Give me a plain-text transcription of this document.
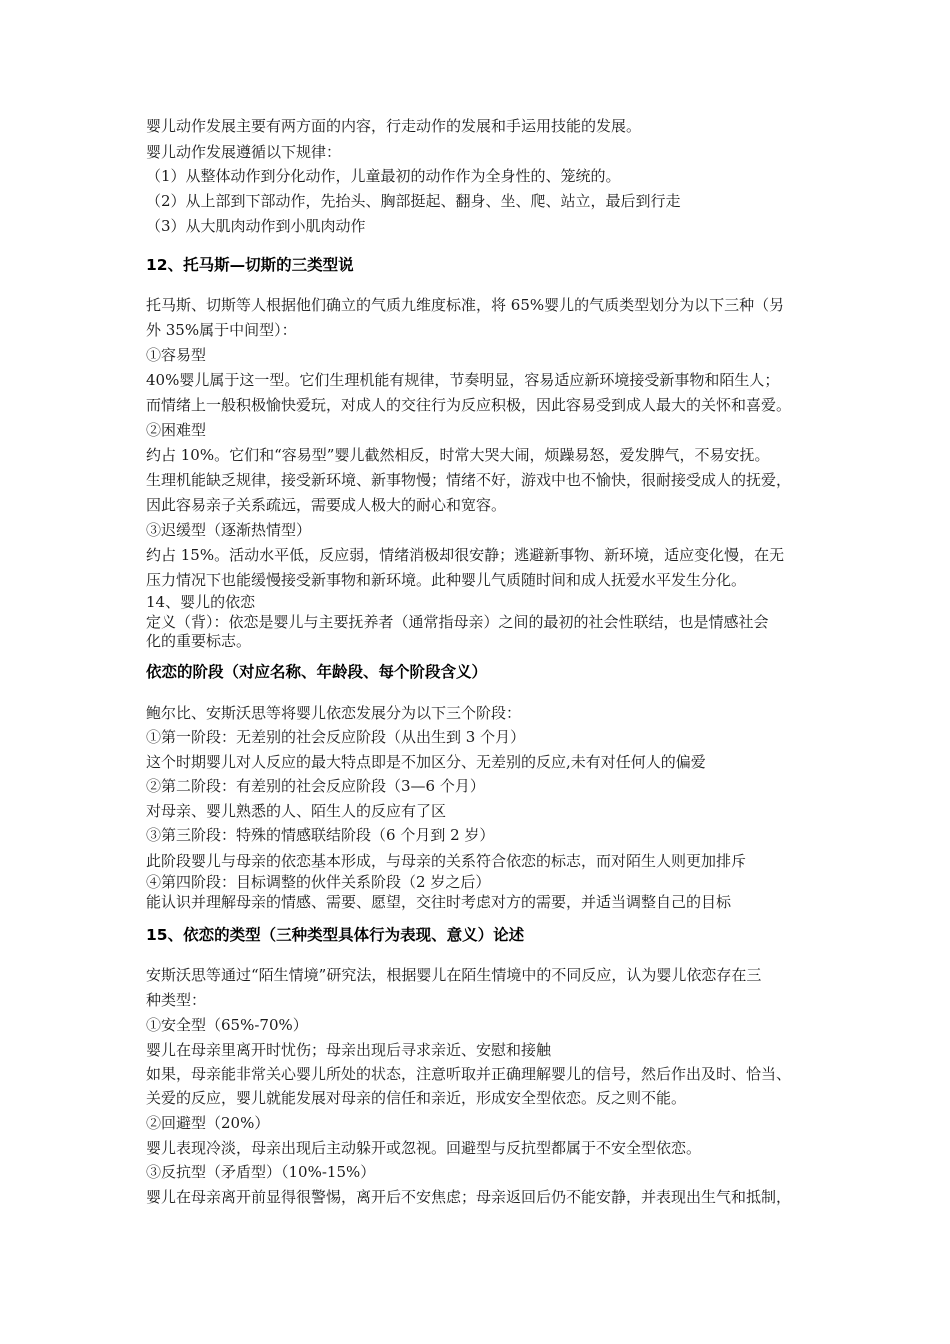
婴儿动作发展主要有两方面的内容，行走动作的发展和手运用技能的发展。
婴儿动作发展遵循以下规律：
（1）从整体动作到分化动作，儿童最初的动作作为全身性的、笼统的。
（2）从上部到下部动作，先抬头、胸部挺起、翻身、坐、爬、站立，最后到行走
（3）从大肌肉动作到小肌肉动作
12、托马斯—切斯的三类型说
托马斯、切斯等人根据他们确立的气质九维度标准，将 65%婴儿的气质类型划分为以下三种（另
外 35%属于中间型）：
①容易型
40%婴儿属于这一型。它们生理机能有规律，节奏明显，容易适应新环境接受新事物和陌生人；
而情绪上一般积极愉快爱玩，对成人的交往行为反应积极，因此容易受到成人最大的关怀和喜爱。
②困难型
约占 10%。它们和“容易型”婴儿截然相反，时常大哭大闹，烦躁易怒，爱发脾气，不易安抚。
生理机能缺乏规律，接受新环境、新事物慢；情绪不好，游戏中也不愉快，很耐接受成人的抚爱，
因此容易亲子关系疏远，需要成人极大的耐心和宽容。
③迟缓型（逐渐热情型）
约占 15%。活动水平低，反应弱，情绪消极却很安静；逃避新事物、新环境，适应变化慢，在无
压力情况下也能缓慢接受新事物和新环境。此种婴儿气质随时间和成人抚爱水平发生分化。
14、婴儿的依恋
定义（背）：依恋是婴儿与主要抚养者（通常指母亲）之间的最初的社会性联结，也是情感社会
化的重要标志。
依恋的阶段（对应名称、年龄段、每个阶段含义）
鲍尔比、安斯沃思等将婴儿依恋发展分为以下三个阶段：
①第一阶段：无差别的社会反应阶段（从出生到 3 个月）
这个时期婴儿对人反应的最大特点即是不加区分、无差别的反应,未有对任何人的偏爱
②第二阶段：有差别的社会反应阶段（3—6 个月）
对母亲、婴儿熟悉的人、陌生人的反应有了区
③第三阶段：特殊的情感联结阶段（6 个月到 2 岁）
此阶段婴儿与母亲的依恋基本形成，与母亲的关系符合依恋的标志，而对陌生人则更加排斥
④第四阶段：目标调整的伙伴关系阶段（2 岁之后）
能认识并理解母亲的情感、需要、愿望，交往时考虑对方的需要，并适当调整自己的目标
15、依恋的类型（三种类型具体行为表现、意义）论述
安斯沃思等通过“陌生情境”研究法，根据婴儿在陌生情境中的不同反应，认为婴儿依恋存在三
种类型：
①安全型（65%-70%）
婴儿在母亲里离开时忧伤；母亲出现后寻求亲近、安慰和接触
如果，母亲能非常关心婴儿所处的状态，注意听取并正确理解婴儿的信号，然后作出及时、恰当、
关爱的反应，婴儿就能发展对母亲的信任和亲近，形成安全型依恋。反之则不能。
②回避型（20%）
婴儿表现冷淡，母亲出现后主动躲开或忽视。回避型与反抗型都属于不安全型依恋。
③反抗型（矛盾型）（10%-15%）
婴儿在母亲离开前显得很警惕，离开后不安焦虑；母亲返回后仍不能安静，并表现出生气和抵制，
